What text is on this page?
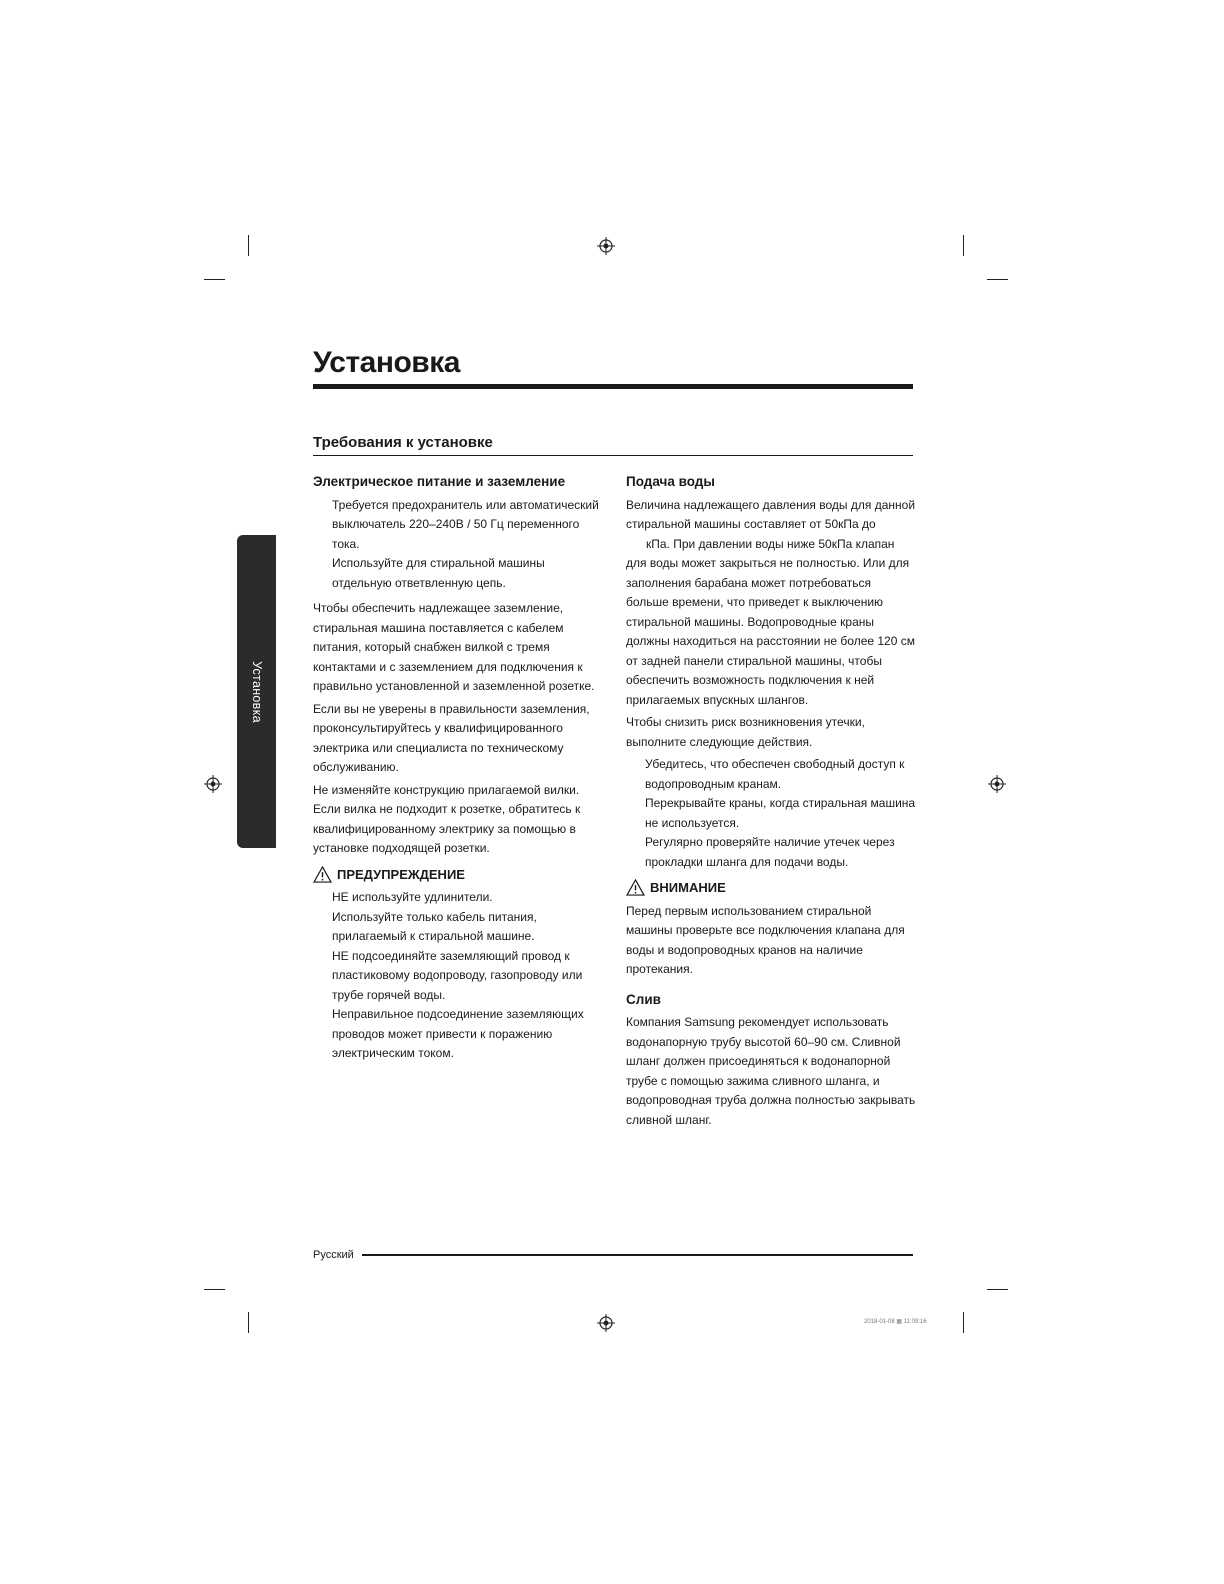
Установка
Требования к установке
Установка
Электрическое питание и заземление
Требуется предохранитель или автоматический выключатель 220–240В / 50 Гц переменного тока.
Используйте для стиральной машины отдельную ответвленную цепь.

Чтобы обеспечить надлежащее заземление, стиральная машина поставляется с кабелем питания, который снабжен вилкой с тремя контактами и с заземлением для подключения к правильно установленной и заземленной розетке.

Если вы не уверены в правильности заземления, проконсультируйтесь у квалифицированного электрика или специалиста по техническому обслуживанию.

Не изменяйте конструкцию прилагаемой вилки. Если вилка не подходит к розетке, обратитесь к квалифицированному электрику за помощью в установке подходящей розетки.

ПРЕДУПРЕЖДЕНИЕ
НЕ используйте удлинители.
Используйте только кабель питания, прилагаемый к стиральной машине.
НЕ подсоединяйте заземляющий провод к пластиковому водопроводу, газопроводу или трубе горячей воды.
Неправильное подсоединение заземляющих проводов может привести к поражению электрическим током.
Подача воды

Величина надлежащего давления воды для данной стиральной машины составляет от 50кПа до
кПа. При давлении воды ниже 50кПа клапан для воды может закрыться не полностью. Или для заполнения барабана может потребоваться больше времени, что приведет к выключению стиральной машины. Водопроводные краны должны находиться на расстоянии не более 120 см от задней панели стиральной машины, чтобы обеспечить возможность подключения к ней прилагаемых впускных шлангов.

Чтобы снизить риск возникновения утечки, выполните следующие действия.

Убедитесь, что обеспечен свободный доступ к водопроводным кранам.
Перекрывайте краны, когда стиральная машина не используется.
Регулярно проверяйте наличие утечек через прокладки шланга для подачи воды.
ВНИМАНИЕ

Перед первым использованием стиральной машины проверьте все подключения клапана для воды и водопроводных кранов на наличие протекания.

Слив

Компания Samsung рекомендует использовать водонапорную трубу высотой 60–90 см. Сливной шланг должен присоединяться к водонапорной трубе с помощью зажима сливного шланга, и водопроводная труба должна полностью закрывать сливной шланг.

Русский
2018-01-08 ▦ 11:09:16
